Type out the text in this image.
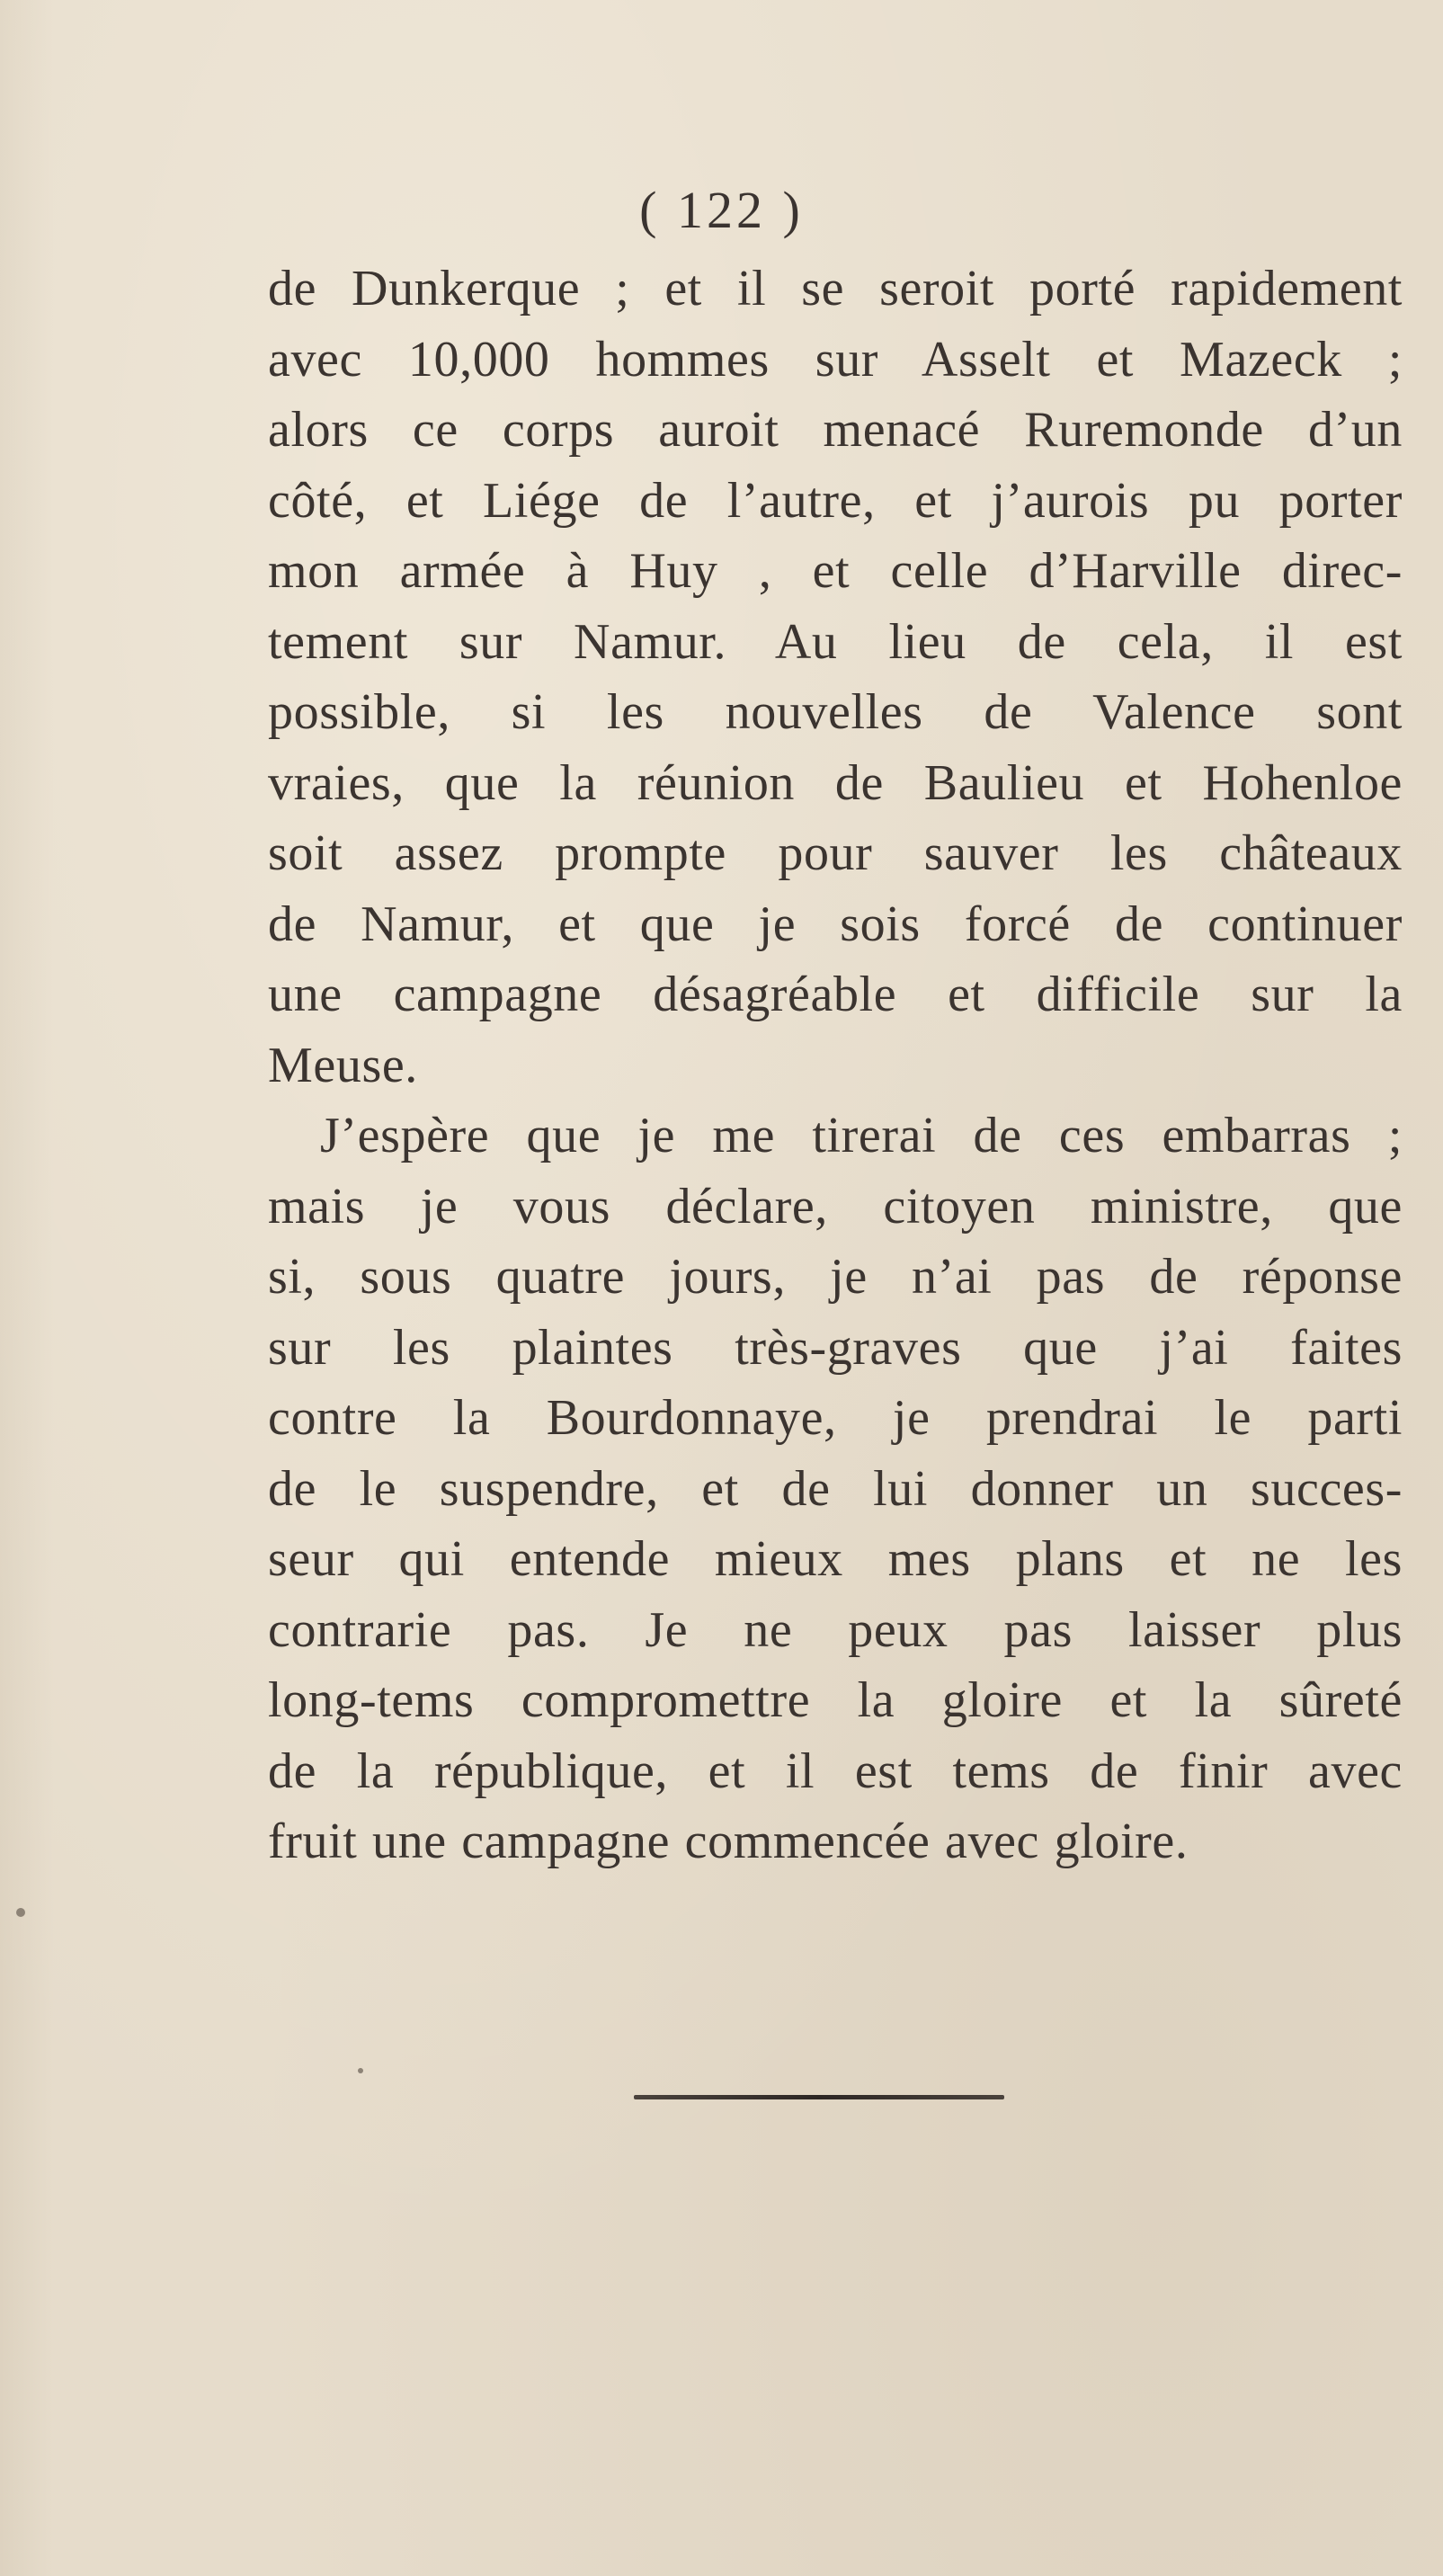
( 122 )
de Dunkerque ; et il se seroit porté rapidement
avec 10,000 hommes sur Asselt et Mazeck ;
alors ce corps auroit menacé Ruremonde d’un
côté, et Liége de l’autre, et j’aurois pu porter
mon armée à Huy , et celle d’Harville direc-
tement sur Namur. Au lieu de cela, il est
possible, si les nouvelles de Valence sont
vraies, que la réunion de Baulieu et Hohenloe
soit assez prompte pour sauver les châteaux
de Namur, et que je sois forcé de continuer
une campagne désagréable et difficile sur la
Meuse.
J’espère que je me tirerai de ces embarras ;
mais je vous déclare, citoyen ministre, que
si, sous quatre jours, je n’ai pas de réponse
sur les plaintes très-graves que j’ai faites
contre la Bourdonnaye, je prendrai le parti
de le suspendre, et de lui donner un succes-
seur qui entende mieux mes plans et ne les
contrarie pas. Je ne peux pas laisser plus
long-tems compromettre la gloire et la sûreté
de la république, et il est tems de finir avec
fruit une campagne commencée avec gloire.
